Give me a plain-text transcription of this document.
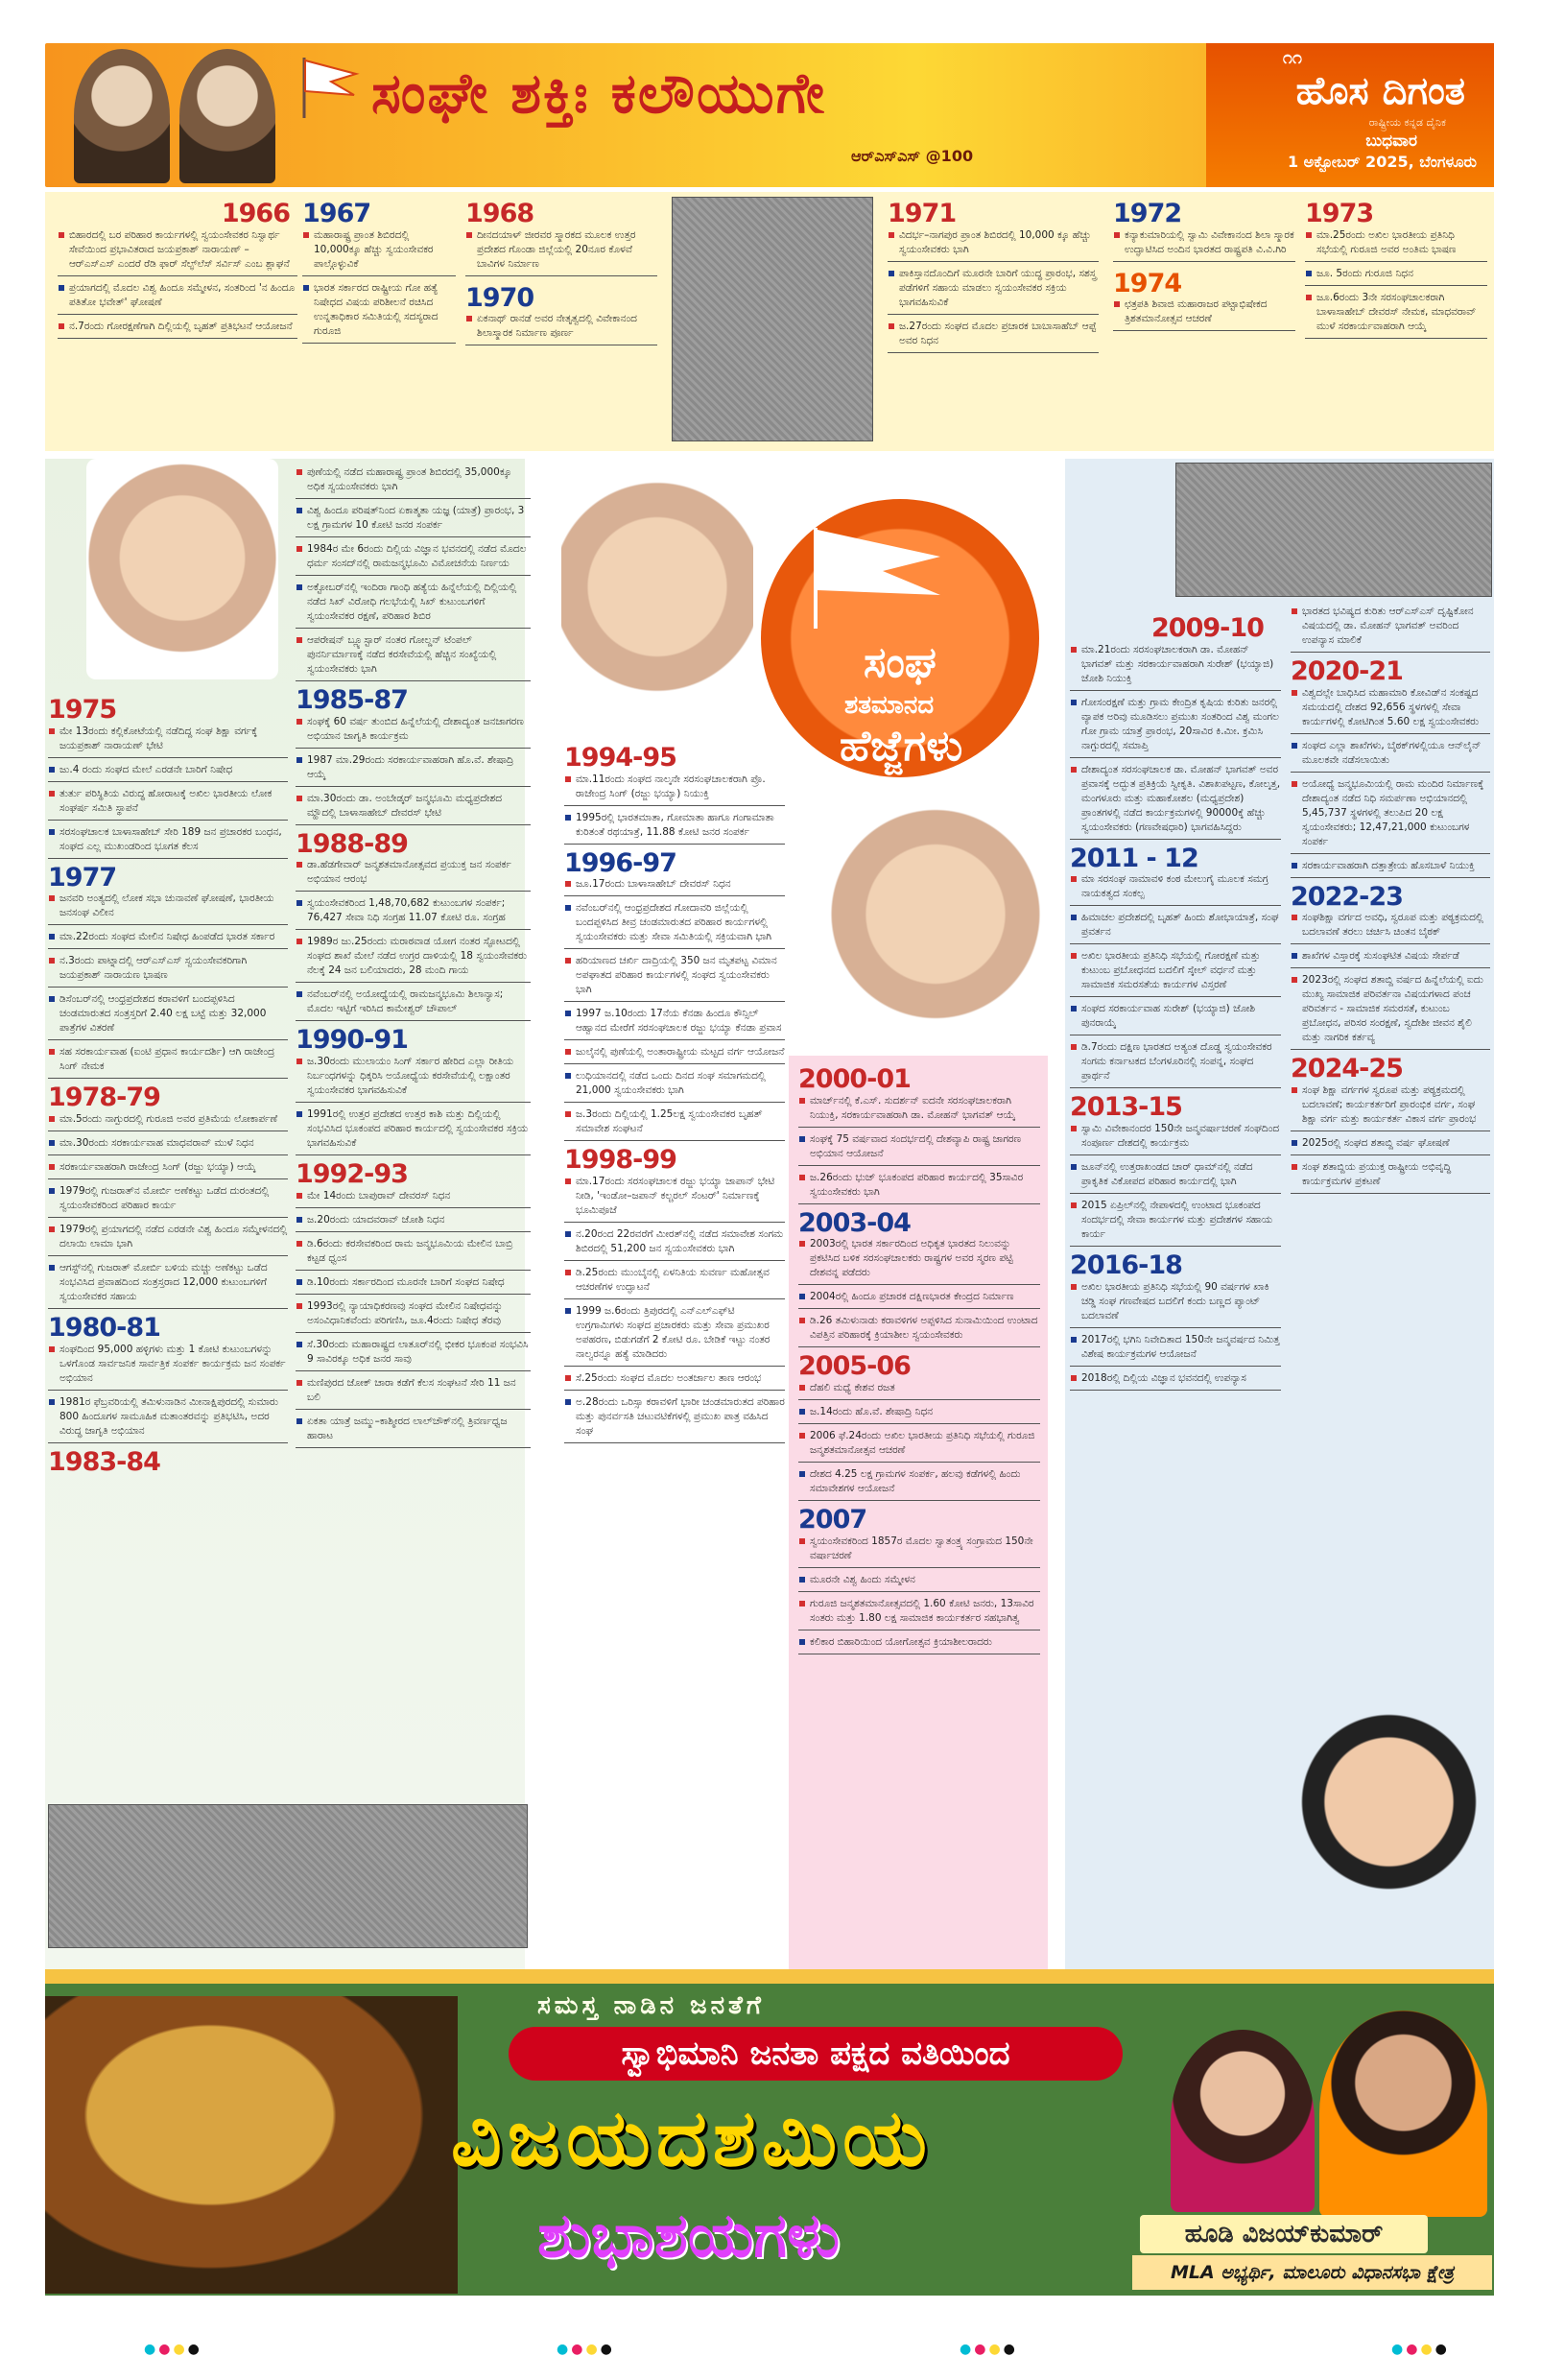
ಸಂಘೇ ಶಕ್ತಿಃ ಕಲೌಯುಗೇ
ಆರ್‌ಎಸ್‌ಎಸ್ @100
೧೧
ಹೊಸ ದಿಗಂತ
ರಾಷ್ಟ್ರೀಯ ಕನ್ನಡ ದೈನಿಕ
ಬುಧವಾರ
1 ಅಕ್ಟೋಬರ್ 2025, ಬೆಂಗಳೂರು
1966
ಬಿಹಾರದಲ್ಲಿ ಬರ ಪರಿಹಾರ ಕಾರ್ಯಗಳಲ್ಲಿ ಸ್ವಯಂಸೇವಕರ ನಿಸ್ವಾರ್ಥ ಸೇವೆಯಿಂದ ಪ್ರಭಾವಿತರಾದ ಜಯಪ್ರಕಾಶ್ ನಾರಾಯಣ್ – ಆರ್‌ಎಸ್‌ಎಸ್ ಎಂದರೆ ರೆಡಿ ಫಾರ್ ಸೆಲ್ಫ್‌ಲೆಸ್ ಸರ್ವಿಸ್ ಎಂಬ ಶ್ಲಾಘನೆ
ಪ್ರಯಾಗದಲ್ಲಿ ಮೊದಲ ವಿಶ್ವ ಹಿಂದೂ ಸಮ್ಮೇಳನ, ಸಂತರಿಂದ 'ನ ಹಿಂದೂ ಪತಿತೋ ಭವೇತ್' ಘೋಷಣೆ
ನ.7ರಂದು ಗೋರಕ್ಷಣೆಗಾಗಿ ದಿಲ್ಲಿಯಲ್ಲಿ ಬೃಹತ್ ಪ್ರತಿಭಟನೆ ಆಯೋಜನೆ
1967
ಮಹಾರಾಷ್ಟ್ರ ಪ್ರಾಂತ ಶಿಬಿರದಲ್ಲಿ 10,000ಕ್ಕೂ ಹೆಚ್ಚು ಸ್ವಯಂಸೇವಕರ ಪಾಲ್ಗೊಳ್ಳುವಿಕೆ
ಭಾರತ ಸರ್ಕಾರದ ರಾಷ್ಟ್ರೀಯ ಗೋ ಹತ್ಯೆ ನಿಷೇಧದ ವಿಷಯ ಪರಿಶೀಲನೆ ರಚಿಸಿದ ಉನ್ನತಾಧಿಕಾರ ಸಮಿತಿಯಲ್ಲಿ ಸದಸ್ಯರಾದ ಗುರೂಜಿ
1968
ದೀನದಯಾಳ್ ಜೀರವರ ಸ್ಮಾರಕದ ಮೂಲಕ ಉತ್ತರ ಪ್ರದೇಶದ ಗೊಂಡಾ ಜಿಲ್ಲೆಯಲ್ಲಿ 20ನೂರ ಕೊಳವೆ ಬಾವಿಗಳ ನಿರ್ಮಾಣ
1970
ಏಕನಾಥ್ ರಾನಡೆ ಅವರ ನೇತೃತ್ವದಲ್ಲಿ ವಿವೇಕಾನಂದ ಶಿಲಾಸ್ಮಾರಕ ನಿರ್ಮಾಣ ಪೂರ್ಣ
1971
ವಿದರ್ಭ–ನಾಗಪುರ ಪ್ರಾಂತ ಶಿಬಿರದಲ್ಲಿ 10,000 ಕ್ಕೂ ಹೆಚ್ಚು ಸ್ವಯಂಸೇವಕರು ಭಾಗಿ
ಪಾಕಿಸ್ತಾನದೊಂದಿಗೆ ಮೂರನೇ ಬಾರಿಗೆ ಯುದ್ಧ ಪ್ರಾರಂಭ, ಸಶಸ್ತ್ರ ಪಡೆಗಳಿಗೆ ಸಹಾಯ ಮಾಡಲು ಸ್ವಯಂಸೇವಕರ ಸಕ್ರಿಯ ಭಾಗವಹಿಸುವಿಕೆ
ಜ.27ರಂದು ಸಂಘದ ಮೊದಲ ಪ್ರಚಾರಕ ಬಾಬಾಸಾಹೆಬ್ ಆಪ್ಟೆ ಅವರ ನಿಧನ
1972
ಕನ್ಯಾಕುಮಾರಿಯಲ್ಲಿ ಸ್ವಾಮಿ ವಿವೇಕಾನಂದ ಶಿಲಾ ಸ್ಮಾರಕ ಉದ್ಘಾಟಿಸಿದ ಅಂದಿನ ಭಾರತದ ರಾಷ್ಟ್ರಪತಿ ವಿ.ವಿ.ಗಿರಿ
1974
ಛತ್ರಪತಿ ಶಿವಾಜಿ ಮಹಾರಾಜರ ಪಟ್ಟಾಭಿಷೇಕದ ತ್ರಿಶತಮಾನೋತ್ಸವ ಆಚರಣೆ
1973
ಮಾ.25ರಂದು ಅಖಿಲ ಭಾರತೀಯ ಪ್ರತಿನಿಧಿ ಸಭೆಯಲ್ಲಿ ಗುರೂಜಿ ಅವರ ಅಂತಿಮ ಭಾಷಣ
ಜೂ. 5ರಂದು ಗುರೂಜಿ ನಿಧನ
ಜೂ.6ರಂದು 3ನೇ ಸರಸಂಘಚಾಲಕರಾಗಿ ಬಾಳಾಸಾಹೇಬ್ ದೇವರಸ್ ನೇಮಕ, ಮಾಧವರಾವ್ ಮುಳೆ ಸರಕಾರ್ಯವಾಹರಾಗಿ ಆಯ್ಕೆ
1975
ಮೇ 13ರಂದು ಕಲ್ಲಿಕೋಟೆಯಲ್ಲಿ ನಡೆದಿದ್ದ ಸಂಘ ಶಿಕ್ಷಾ ವರ್ಗಕ್ಕೆ ಜಯಪ್ರಕಾಶ್ ನಾರಾಯಣ್ ಭೇಟಿ
ಜು.4 ರಂದು ಸಂಘದ ಮೇಲೆ ಎರಡನೇ ಬಾರಿಗೆ ನಿಷೇಧ
ತುರ್ತು ಪರಿಸ್ಥಿತಿಯ ವಿರುದ್ಧ ಹೋರಾಟಕ್ಕೆ ಅಖಿಲ ಭಾರತೀಯ ಲೋಕ ಸಂಘರ್ಷ ಸಮಿತಿ ಸ್ಥಾಪನೆ
ಸರಸಂಘಚಾಲಕ ಬಾಳಾಸಾಹೇಬ್ ಸೇರಿ 189 ಜನ ಪ್ರಚಾರಕರ ಬಂಧನ, ಸಂಘದ ಎಲ್ಲ ಮುಖಂಡರಿಂದ ಭೂಗತ ಕೆಲಸ
1977
ಜನವರಿ ಅಂತ್ಯದಲ್ಲಿ ಲೋಕ ಸಭಾ ಚುನಾವಣೆ ಘೋಷಣೆ, ಭಾರತೀಯ ಜನಸಂಘ ವಿಲೀನ
ಮಾ.22ರಂದು ಸಂಘದ ಮೇಲಿನ ನಿಷೇಧ ಹಿಂಪಡೆದ ಭಾರತ ಸರ್ಕಾರ
ನ.3ರಂದು ಪಾಟ್ನಾದಲ್ಲಿ ಆರ್‌ಎಸ್‌ಎಸ್ ಸ್ವಯಂಸೇವಕರಿಗಾಗಿ ಜಯಪ್ರಕಾಶ್ ನಾರಾಯಣ ಭಾಷಣ
ಡಿಸೆಂಬರ್‌ನಲ್ಲಿ ಆಂಧ್ರಪ್ರದೇಶದ ಕರಾವಳಿಗೆ ಬಂದಪ್ಪಳಿಸಿದ ಚಂಡಮಾರುತದ ಸಂತ್ರಸ್ತರಿಗೆ 2.40 ಲಕ್ಷ ಬಟ್ಟೆ ಮತ್ತು 32,000 ಪಾತ್ರೆಗಳ ವಿತರಣೆ
ಸಹ ಸರಕಾರ್ಯವಾಹ (ಐಂಟಿ ಪ್ರಧಾನ ಕಾರ್ಯದರ್ಶಿ) ಆಗಿ ರಾಜೇಂದ್ರ ಸಿಂಗ್ ನೇಮಕ
1978-79
ಮಾ.5ರಂದು ನಾಗ್ಪುರದಲ್ಲಿ ಗುರೂಜಿ ಅವರ ಪ್ರತಿಮೆಯ ಲೋಕಾರ್ಪಣೆ
ಮಾ.30ರಂದು ಸರಕಾರ್ಯವಾಹ ಮಾಧವರಾವ್ ಮುಳೆ ನಿಧನ
ಸರಕಾರ್ಯವಾಹರಾಗಿ ರಾಜೇಂದ್ರ ಸಿಂಗ್ (ರಜ್ಜು ಭಯ್ಯಾ) ಆಯ್ಕೆ
1979ರಲ್ಲಿ ಗುಜರಾತ್‌ನ ಮೋರ್ಬಿ ಅಣೆಕಟ್ಟು ಒಡೆದ ದುರಂತದಲ್ಲಿ ಸ್ವಯಂಸೇವಕರಿಂದ ಪರಿಹಾರ ಕಾರ್ಯ
1979ರಲ್ಲಿ ಪ್ರಯಾಗದಲ್ಲಿ ನಡೆದ ಎರಡನೇ ವಿಶ್ವ ಹಿಂದೂ ಸಮ್ಮೇಳನದಲ್ಲಿ ದಲಾಯಿ ಲಾಮಾ ಭಾಗಿ
ಆಗಸ್ಟ್‌ನಲ್ಲಿ ಗುಜರಾತ್ ಮೋರ್ಬಿ ಬಳಿಯ ಮಚ್ಚು ಅಣೆಕಟ್ಟು ಒಡೆದ ಸಂಭವಿಸಿದ ಪ್ರವಾಹದಿಂದ ಸಂತ್ರಸ್ತರಾದ 12,000 ಕುಟುಂಬಗಳಿಗೆ ಸ್ವಯಂಸೇವಕರ ಸಹಾಯ
1980-81
ಸಂಘದಿಂದ 95,000 ಹಳ್ಳಿಗಳು ಮತ್ತು 1 ಕೋಟಿ ಕುಟುಂಬಗಳನ್ನು ಒಳಗೊಂಡ ಸಾರ್ವಜನಿಕ ಸಾರ್ವತ್ರಿಕ ಸಂಪರ್ಕ ಕಾರ್ಯಕ್ರಮ ಜನ ಸಂಪರ್ಕ ಅಭಿಯಾನ
1981ರ ಫೆಬ್ರವರಿಯಲ್ಲಿ ತಮಿಳುನಾಡಿನ ಮೀನಾಕ್ಷಿಪುರದಲ್ಲಿ ಸುಮಾರು 800 ಹಿಂದೂಗಳ ಸಾಮೂಹಿಕ ಮತಾಂತರವನ್ನು ಪ್ರತಿಭಟಿಸಿ, ಅದರ ವಿರುದ್ಧ ಜಾಗೃತಿ ಅಭಿಯಾನ
1983-84
ಪುಣೆಯಲ್ಲಿ ನಡೆದ ಮಹಾರಾಷ್ಟ್ರ ಪ್ರಾಂತ ಶಿಬಿರದಲ್ಲಿ 35,000ಕ್ಕೂ ಅಧಿಕ ಸ್ವಯಂಸೇವಕರು ಭಾಗಿ
ವಿಶ್ವ ಹಿಂದೂ ಪರಿಷತ್‌ನಿಂದ ಏಕಾತ್ಮತಾ ಯಜ್ಞ (ಯಾತ್ರೆ) ಪ್ರಾರಂಭ, 3 ಲಕ್ಷ ಗ್ರಾಮಗಳ 10 ಕೋಟಿ ಜನರ ಸಂಪರ್ಕ
1984ರ ಮೇ 6ರಂದು ದಿಲ್ಲಿಯ ವಿಜ್ಞಾನ ಭವನದಲ್ಲಿ ನಡೆದ ಮೊದಲ ಧರ್ಮ ಸಂಸದ್‌ನಲ್ಲಿ ರಾಮಜನ್ಮಭೂಮಿ ವಿಮೋಚನೆಯ ನಿರ್ಣಯ
ಅಕ್ಟೋಬರ್‌ನಲ್ಲಿ ಇಂದಿರಾ ಗಾಂಧಿ ಹತ್ಯೆಯ ಹಿನ್ನೆಲೆಯಲ್ಲಿ ದಿಲ್ಲಿಯಲ್ಲಿ ನಡೆದ ಸಿಖ್ ವಿರೋಧಿ ಗಲಭೆಯಲ್ಲಿ ಸಿಖ್ ಕುಟುಂಬಗಳಿಗೆ ಸ್ವಯಂಸೇವಕರ ರಕ್ಷಣೆ, ಪರಿಹಾರ ಶಿಬಿರ
ಆಪರೇಷನ್ ಬ್ಲ್ಯೂಸ್ಟಾರ್ ನಂತರ ಗೋಲ್ಡನ್ ಟೆಂಪಲ್ ಪುನರ್ನಿರ್ಮಾಣಕ್ಕೆ ನಡೆದ ಕರಸೇವೆಯಲ್ಲಿ ಹೆಚ್ಚಿನ ಸಂಖ್ಯೆಯಲ್ಲಿ ಸ್ವಯಂಸೇವಕರು ಭಾಗಿ
1985-87
ಸಂಘಕ್ಕೆ 60 ವರ್ಷ ತುಂಬಿದ ಹಿನ್ನೆಲೆಯಲ್ಲಿ ದೇಶಾದ್ಯಂತ ಜನಜಾಗರಣ ಅಭಿಯಾನ ಜಾಗೃತಿ ಕಾರ್ಯಕ್ರಮ
1987 ಮಾ.29ರಂದು ಸರಕಾರ್ಯವಾಹರಾಗಿ ಹೊ.ವೆ. ಶೇಷಾದ್ರಿ ಆಯ್ಕೆ
ಮಾ.30ರಂದು ಡಾ. ಅಂಬೇಡ್ಕರ್ ಜನ್ಮಭೂಮಿ ಮಧ್ಯಪ್ರದೇಶದ ಮ್ಹೌದಲ್ಲಿ ಬಾಳಾಸಾಹೇಬ್ ದೇವರಸ್ ಭೇಟಿ
1988-89
ಡಾ.ಹೆಡಗೇವಾರ್ ಜನ್ಮಶತಮಾನೋತ್ಸವದ ಪ್ರಯುಕ್ತ ಜನ ಸಂಪರ್ಕ ಅಭಿಯಾನ ಆರಂಭ
ಸ್ವಯಂಸೇವಕರಿಂದ 1,48,70,682 ಕುಟುಂಬಗಳ ಸಂಪರ್ಕ; 76,427 ಸೇವಾ ನಿಧಿ ಸಂಗ್ರಹ 11.07 ಕೋಟಿ ರೂ. ಸಂಗ್ರಹ
1989ರ ಜು.25ರಂದು ಮರಾಠವಾಡ ಯೋಗ ನಂತರ ಸ್ಫೋಟದಲ್ಲಿ ಸಂಘದ ಶಾಖೆ ಮೇಲೆ ನಡೆದ ಉಗ್ರರ ದಾಳಿಯಲ್ಲಿ 18 ಸ್ವಯಂಸೇವಕರು ನೆಲಕ್ಕೆ 24 ಜನ ಬಲಿಯಾದರು, 28 ಮಂದಿ ಗಾಯ
ನವೆಂಬರ್‌ನಲ್ಲಿ ಅಯೋಧ್ಯೆಯಲ್ಲಿ ರಾಮಜನ್ಮಭೂಮಿ ಶಿಲಾನ್ಯಾಸ; ಮೊದಲ ಇಟ್ಟಿಗೆ ಇರಿಸಿದ ಕಾಮೇಶ್ವರ್ ಚೌಪಾಲ್
1990-91
ಜ.30ರಂದು ಮುಲಾಯಂ ಸಿಂಗ್ ಸರ್ಕಾರ ಹೇರಿದ ಎಲ್ಲಾ ರೀತಿಯ ನಿರ್ಬಂಧಗಳನ್ನು ಧಿಕ್ಕರಿಸಿ ಅಯೋಧ್ಯೆಯ ಕರಸೇವೆಯಲ್ಲಿ ಲಕ್ಷಾಂತರ ಸ್ವಯಂಸೇವಕರ ಭಾಗವಹಿಸುವಿಕೆ
1991ರಲ್ಲಿ ಉತ್ತರ ಪ್ರದೇಶದ ಉತ್ತರ ಕಾಶಿ ಮತ್ತು ದಿಲ್ಲಿಯಲ್ಲಿ ಸಂಭವಿಸಿದ ಭೂಕಂಪದ ಪರಿಹಾರ ಕಾರ್ಯದಲ್ಲಿ ಸ್ವಯಂಸೇವಕರ ಸಕ್ರಿಯ ಭಾಗವಹಿಸುವಿಕೆ
1992-93
ಮೇ 14ರಂದು ಬಾಪುರಾವ್ ದೇವರಸ್ ನಿಧನ
ಜ.20ರಂದು ಯಾದವರಾವ್ ಜೋಶಿ ನಿಧನ
ಡಿ.6ರಂದು ಕರಸೇವಕರಿಂದ ರಾಮ ಜನ್ಮಭೂಮಿಯ ಮೇಲಿನ ಬಾಬ್ರಿ ಕಟ್ಟಡ ಧ್ವಂಸ
ಡಿ.10ರಂದು ಸರ್ಕಾರದಿಂದ ಮೂರನೇ ಬಾರಿಗೆ ಸಂಘದ ನಿಷೇಧ
1993ರಲ್ಲಿ ನ್ಯಾಯಾಧಿಕರಣವು ಸಂಘದ ಮೇಲಿನ ನಿಷೇಧವನ್ನು ಅಸಂವಿಧಾನಿಕವೆಂದು ಪರಿಗಣಿಸಿ, ಜೂ.4ರಂದು ನಿಷೇಧ ತೆರವು
ಸೆ.30ರಂದು ಮಹಾರಾಷ್ಟ್ರದ ಲಾತೂರ್‌ನಲ್ಲಿ ಭೀಕರ ಭೂಕಂಪ ಸಂಭವಿಸಿ 9 ಸಾವಿರಕ್ಕೂ ಅಧಿಕ ಜನರ ಸಾವು
ಮಣಿಪುರದ ಜೋಕ್ ಚಾರಾ ಕಡೆಗೆ ಕೆಲಸ ಸಂಘಟನೆ ಸೇರಿ 11 ಜನ ಬಲಿ
ಏಕತಾ ಯಾತ್ರೆ ಜಮ್ಮು–ಕಾಶ್ಮೀರದ ಲಾಲ್‌ಚೌಕ್‌ನಲ್ಲಿ ತ್ರಿವರ್ಣಧ್ವಜ ಹಾರಾಟ
ಸಂಘ
ಶತಮಾನದ
ಹೆಜ್ಜೆಗಳು
1994-95
ಮಾ.11ರಂದು ಸಂಘದ ನಾಲ್ಕನೇ ಸರಸಂಘಚಾಲಕರಾಗಿ ಪ್ರೊ. ರಾಜೇಂದ್ರ ಸಿಂಗ್ (ರಜ್ಜು ಭಯ್ಯಾ) ನಿಯುಕ್ತಿ
1995ರಲ್ಲಿ ಭಾರತಮಾತಾ, ಗೋಮಾತಾ ಹಾಗೂ ಗಂಗಾಮಾತಾ ಕುರಿತಂತೆ ರಥಯಾತ್ರೆ, 11.88 ಕೋಟಿ ಜನರ ಸಂಪರ್ಕ
1996-97
ಜೂ.17ರಂದು ಬಾಳಾಸಾಹೇಬ್ ದೇವರಸ್ ನಿಧನ
ನವೆಂಬರ್‌ನಲ್ಲಿ ಆಂಧ್ರಪ್ರದೇಶದ ಗೋದಾವರಿ ಜಿಲ್ಲೆಯಲ್ಲಿ ಬಂದಪ್ಪಳಿಸಿದ ತೀವ್ರ ಚಂಡಮಾರುತದ ಪರಿಹಾರ ಕಾರ್ಯಗಳಲ್ಲಿ ಸ್ವಯಂಸೇವಕರು ಮತ್ತು ಸೇವಾ ಸಮಿತಿಯಲ್ಲಿ ಸಕ್ರಿಯವಾಗಿ ಭಾಗಿ
ಹರಿಯಾಣದ ಚರ್ಖಿ ದಾದ್ರಿಯಲ್ಲಿ 350 ಜನ ಮೃತಪಟ್ಟ ವಿಮಾನ ಅಪಘಾತದ ಪರಿಹಾರ ಕಾರ್ಯಗಳಲ್ಲಿ ಸಂಘದ ಸ್ವಯಂಸೇವಕರು ಭಾಗಿ
1997 ಜ.10ರಂದು 17ನೆಯ ಕೆನಡಾ ಹಿಂದೂ ಕೌನ್ಸಿಲ್ ಆಹ್ವಾನದ ಮೇರೆಗೆ ಸರಸಂಘಚಾಲಕ ರಜ್ಜು ಭಯ್ಯಾ ಕೆನಡಾ ಪ್ರವಾಸ
ಜುಲೈನಲ್ಲಿ ಪುಣೆಯಲ್ಲಿ ಅಂತಾರಾಷ್ಟ್ರೀಯ ಮಟ್ಟದ ವರ್ಗ ಆಯೋಜನೆ
ಲುಧಿಯಾನದಲ್ಲಿ ನಡೆದ ಒಂದು ದಿನದ ಸಂಘ ಸಮಾಗಮದಲ್ಲಿ 21,000 ಸ್ವಯಂಸೇವಕರು ಭಾಗಿ
ಜ.3ರಂದು ದಿಲ್ಲಿಯಲ್ಲಿ 1.25ಲಕ್ಷ ಸ್ವಯಂಸೇವಕರ ಬೃಹತ್ ಸಮಾವೇಶ ಸಂಘಟನೆ
1998-99
ಮಾ.17ರಂದು ಸರಸಂಘಚಾಲಕ ರಜ್ಜು ಭಯ್ಯಾ ಜಾಪಾನ್ ಭೇಟಿ ನೀಡಿ, 'ಇಂಡೋ–ಜಪಾನ್ ಕಲ್ಚರಲ್ ಸೆಂಟರ್' ನಿರ್ಮಾಣಕ್ಕೆ ಭೂಮಿಪೂಜೆ
ನ.20ರಂದ 22ರವರೆಗೆ ಮೀರತ್‌ನಲ್ಲಿ ನಡೆದ ಸಮಾವೇಶ ಸಂಗಮ ಶಿಬಿರದಲ್ಲಿ 51,200 ಜನ ಸ್ವಯಂಸೇವಕರು ಭಾಗಿ
ಡಿ.25ರಂದು ಮುಂಬೈನಲ್ಲಿ ಏಳನಿತಿಯ ಸುವರ್ಣ ಮಹೋತ್ಸವ ಆಚರಣೆಗಳ ಉದ್ಘಾಟನೆ
1999 ಜ.6ರಂದು ತ್ರಿಪುರದಲ್ಲಿ ಎನ್‌ಎಲ್‌ಎಫ್‌ಟಿ ಉಗ್ರಗಾಮಿಗಳು ಸಂಘದ ಪ್ರಚಾರಕರು ಮತ್ತು ಸೇವಾ ಪ್ರಮುಖರ ಅಪಹರಣ, ಬಿಡುಗಡೆಗೆ 2 ಕೋಟಿ ರೂ. ಬೇಡಿಕೆ ಇಟ್ಟು ನಂತರ ನಾಲ್ವರನ್ನೂ ಹತ್ಯೆ ಮಾಡಿದರು
ಸೆ.25ರಂದು ಸಂಘದ ಮೊದಲ ಅಂತರ್ಜಾಲ ತಾಣ ಆರಂಭ
ಅ.28ರಂದು ಒರಿಸ್ಸಾ ಕರಾವಳಿಗೆ ಭಾರೀ ಚಂಡಮಾರುತದ ಪರಿಹಾರ ಮತ್ತು ಪುನರ್ವಸತಿ ಚಟುವಟಿಕೆಗಳಲ್ಲಿ ಪ್ರಮುಖ ಪಾತ್ರ ವಹಿಸಿದ ಸಂಘ
2000-01
ಮಾರ್ಚ್‌ನಲ್ಲಿ ಕೆ.ಎಸ್. ಸುದರ್ಶನ್ ಐದನೇ ಸರಸಂಘಚಾಲಕರಾಗಿ ನಿಯುಕ್ತಿ, ಸರಕಾರ್ಯವಾಹರಾಗಿ ಡಾ. ಮೋಹನ್ ಭಾಗವತ್ ಆಯ್ಕೆ
ಸಂಘಕ್ಕೆ 75 ವರ್ಷವಾದ ಸಂದರ್ಭದಲ್ಲಿ ದೇಶವ್ಯಾಪಿ ರಾಷ್ಟ್ರ ಜಾಗರಣ ಅಭಿಯಾನ ಆಯೋಜನೆ
ಜ.26ರಂದು ಭುಜ್ ಭೂಕಂಪದ ಪರಿಹಾರ ಕಾರ್ಯದಲ್ಲಿ 35ಸಾವಿರ ಸ್ವಯಂಸೇವಕರು ಭಾಗಿ
2003-04
2003ರಲ್ಲಿ ಭಾರತ ಸರ್ಕಾರದಿಂದ ಅಧಿಕೃತ ಭಾರತದ ನಿಲುವನ್ನು ಪ್ರಕಟಿಸಿದ ಬಳಿಕ ಸರಸಂಘಚಾಲಕರು ರಾಷ್ಟ್ರಗಳ ಅವರ ಸ್ಮರಣ ಪಟ್ಟಿ ದೇಶವನ್ನ ಪಡೆದರು
2004ರಲ್ಲಿ ಹಿಂದೂ ಪ್ರಚಾರಕ ದಕ್ಷಿಣಭಾರತ ಕೇಂದ್ರದ ನಿರ್ಮಾಣ
ಡಿ.26 ತಮಿಳುನಾಡು ಕರಾವಳಿಗಳ ಅಪ್ಪಳಿಸಿದ ಸುನಾಮಿಯಿಂದ ಉಂಟಾದ ವಿಪತ್ತಿನ ಪರಿಹಾರಕ್ಕೆ ಕ್ರಿಯಾಶೀಲ ಸ್ವಯಂಸೇವಕರು
2005-06
ದೆಹಲಿ ಮಧ್ಯೆ ಕೇಶವ ರಜತ
ಜ.14ರಂದು ಹೊ.ವೆ. ಶೇಷಾದ್ರಿ ನಿಧನ
2006 ಫೆ.24ರಂದು ಅಖಿಲ ಭಾರತೀಯ ಪ್ರತಿನಿಧಿ ಸಭೆಯಲ್ಲಿ ಗುರೂಜಿ ಜನ್ಮಶತಮಾನೋತ್ಸವ ಆಚರಣೆ
ದೇಶದ 4.25 ಲಕ್ಷ ಗ್ರಾಮಗಳ ಸಂಪರ್ಕ, ಹಲವು ಕಡೆಗಳಲ್ಲಿ ಹಿಂದು ಸಮಾವೇಶಗಳ ಆಯೋಜನೆ
2007
ಸ್ವಯಂಸೇವಕರಿಂದ 1857ರ ಮೊದಲ ಸ್ವಾತಂತ್ರ್ಯ ಸಂಗ್ರಾಮದ 150ನೇ ವರ್ಷಾಚರಣೆ
ಮೂರನೇ ವಿಶ್ವ ಹಿಂದು ಸಮ್ಮೇಳನ
ಗುರೂಜಿ ಜನ್ಮಶತಮಾನೋತ್ಸವದಲ್ಲಿ 1.60 ಕೋಟಿ ಜನರು, 13ಸಾವಿರ ಸಂತರು ಮತ್ತು 1.80 ಲಕ್ಷ ಸಾಮಾಜಿಕ ಕಾರ್ಯಕರ್ತರ ಸಹಭಾಗಿತ್ವ
ಕಲಿಕಾರ ಬಿಹಾರಿಯಿಂದ ಯೋಗೋತ್ಸವ ಕ್ರಿಯಾಶೀಲರಾದರು
2009-10
ಮಾ.21ರಂದು ಸರಸಂಘಚಾಲಕರಾಗಿ ಡಾ. ಮೋಹನ್ ಭಾಗವತ್ ಮತ್ತು ಸರಕಾರ್ಯವಾಹರಾಗಿ ಸುರೇಶ್ (ಭಯ್ಯಾಜಿ) ಜೋಶಿ ನಿಯುಕ್ತಿ
ಗೋಸಂರಕ್ಷಣೆ ಮತ್ತು ಗ್ರಾಮ ಕೇಂದ್ರಿತ ಕೃಷಿಯ ಕುರಿತು ಜನರಲ್ಲಿ ವ್ಯಾಪಕ ಅರಿವು ಮೂಡಿಸಲು ಪ್ರಮುಖ ಸಂತರಿಂದ ವಿಶ್ವ ಮಂಗಲ ಗೋ ಗ್ರಾಮ ಯಾತ್ರೆ ಪ್ರಾರಂಭ, 20ಸಾವಿರ ಕಿ.ಮೀ. ಕ್ರಮಿಸಿ ನಾಗ್ಪುರದಲ್ಲಿ ಸಮಾಪ್ತಿ
ದೇಶಾದ್ಯಂತ ಸರಸಂಘಚಾಲಕ ಡಾ. ಮೋಹನ್ ಭಾಗವತ್ ಅವರ ಪ್ರವಾಸಕ್ಕೆ ಅದ್ಭುತ ಪ್ರತಿಕ್ರಿಯೆ ಸ್ವೀಕೃತಿ. ವಿಶಾಖಪಟ್ಟಣ, ಕೋಲ್ಕತ್ತ, ಮಂಗಳೂರು ಮತ್ತು ಮಹಾಕೋಶಲ (ಮಧ್ಯಪ್ರದೇಶ) ಪ್ರಾಂತಗಳಲ್ಲಿ ನಡೆದ ಕಾರ್ಯಕ್ರಮಗಳಲ್ಲಿ 90000ಕ್ಕೆ ಹೆಚ್ಚು ಸ್ವಯಂಸೇವಕರು (ಗಣವೇಷಧಾರಿ) ಭಾಗವಹಿಸಿದ್ದರು
2011 - 12
ಮಾ ಸರಸಂಘ ನಾಮಾವಳಿ ಕಂಠ ಮೇಲುಗೈ ಮೂಲಕ ಸಮಗ್ರ ನಾಯಕತ್ವದ ಸಂಕಲ್ಪ
ಹಿಮಾಚಲ ಪ್ರದೇಶದಲ್ಲಿ ಬೃಹತ್ ಹಿಂದು ಶೋಭಾಯಾತ್ರೆ, ಸಂಘ ಪ್ರವರ್ತನ
ಅಖಿಲ ಭಾರತೀಯ ಪ್ರತಿನಿಧಿ ಸಭೆಯಲ್ಲಿ ಗೋರಕ್ಷಣೆ ಮತ್ತು ಕುಟುಂಬ ಪ್ರಬೋಧನದ ಬದಲಿಗೆ ಸ್ಕೇಲ್ ವರ್ಧನೆ ಮತ್ತು ಸಾಮಾಜಿಕ ಸಮರಸತೆಯ ಕಾರ್ಯಗಳ ವಿಸ್ತರಣೆ
ಸಂಘದ ಸರಕಾರ್ಯವಾಹ ಸುರೇಶ್ (ಭಯ್ಯಾಜಿ) ಜೋಶಿ ಪುನರಾಯ್ಕೆ
ಡಿ.7ರಂದು ದಕ್ಷಿಣ ಭಾರತದ ಅತ್ಯಂತ ದೊಡ್ಡ ಸ್ವಯಂಸೇವಕರ ಸಂಗಮ ಕರ್ನಾಟಕದ ಬೆಂಗಳೂರಿನಲ್ಲಿ ಸಂಪನ್ನ, ಸಂಘದ ಪ್ರಾರ್ಥನೆ
2013-15
ಸ್ವಾಮಿ ವಿವೇಕಾನಂದರ 150ನೇ ಜನ್ಮವರ್ಷಾಚರಣೆ ಸಂಘದಿಂದ ಸಂಪೂರ್ಣ ದೇಶದಲ್ಲಿ ಕಾರ್ಯಕ್ರಮ
ಜೂನ್‌ನಲ್ಲಿ ಉತ್ತರಾಖಂಡದ ಚಾರ್ ಧಾಮ್‌ನಲ್ಲಿ ನಡೆದ ಪ್ರಾಕೃತಿಕ ವಿಕೋಪದ ಪರಿಹಾರ ಕಾರ್ಯದಲ್ಲಿ ಭಾಗಿ
2015 ಏಪ್ರಿಲ್‌ನಲ್ಲಿ ನೇಪಾಳದಲ್ಲಿ ಉಂಟಾದ ಭೂಕಂಪದ ಸಂದರ್ಭದಲ್ಲಿ ಸೇವಾ ಕಾರ್ಯಗಳ ಮತ್ತು ಪ್ರದೇಶಗಳ ಸಹಾಯ ಕಾರ್ಯ
2016-18
ಅಖಿಲ ಭಾರತೀಯ ಪ್ರತಿನಿಧಿ ಸಭೆಯಲ್ಲಿ 90 ವರ್ಷಗಳ ಖಾಕಿ ಚಡ್ಡಿ ಸಂಘ ಗಣವೇಷದ ಬದಲಿಗೆ ಕಂದು ಬಣ್ಣದ ಪ್ಯಾಂಟ್ ಬದಲಾವಣೆ
2017ರಲ್ಲಿ ಭಗಿನಿ ನಿವೇದಿತಾದ 150ನೇ ಜನ್ಮವರ್ಷದ ನಿಮಿತ್ತ ವಿಶೇಷ ಕಾರ್ಯಕ್ರಮಗಳ ಆಯೋಜನೆ
2018ರಲ್ಲಿ ದಿಲ್ಲಿಯ ವಿಜ್ಞಾನ ಭವನದಲ್ಲಿ ಉಪನ್ಯಾಸ
ಭಾರತದ ಭವಿಷ್ಯದ ಕುರಿತು ಆರ್‌ಎಸ್‌ಎಸ್ ದೃಷ್ಟಿಕೋನ ವಿಷಯದಲ್ಲಿ ಡಾ. ಮೋಹನ್ ಭಾಗವತ್ ಅವರಿಂದ ಉಪನ್ಯಾಸ ಮಾಲಿಕೆ
2020-21
ವಿಶ್ವದಲ್ಲೇ ಬಾಧಿಸಿದ ಮಹಾಮಾರಿ ಕೋವಿಡ್‌ನ ಸಂಕಷ್ಟದ ಸಮಯದಲ್ಲಿ ದೇಶದ 92,656 ಸ್ಥಳಗಳಲ್ಲಿ ಸೇವಾ ಕಾರ್ಯಗಳಲ್ಲಿ ಕೋಟಿಗಿಂತ 5.60 ಲಕ್ಷ ಸ್ವಯಂಸೇವಕರು
ಸಂಘದ ಎಲ್ಲಾ ಶಾಖೆಗಳು, ಬೈಠಕ್‌ಗಳಲ್ಲಿಯೂ ಆನ್‌ಲೈನ್ ಮೂಲಕವೇ ನಡೆಸಲಾಯಿತು
ಅಯೋಧ್ಯೆ ಜನ್ಮಭೂಮಿಯಲ್ಲಿ ರಾಮ ಮಂದಿರ ನಿರ್ಮಾಣಕ್ಕೆ ದೇಶಾದ್ಯಂತ ನಡೆದ ನಿಧಿ ಸಮರ್ಪಣಾ ಅಭಿಯಾನದಲ್ಲಿ 5,45,737 ಸ್ಥಳಗಳಲ್ಲಿ ತಲುಪಿದ 20 ಲಕ್ಷ ಸ್ವಯಂಸೇವಕರು; 12,47,21,000 ಕುಟುಂಬಗಳ ಸಂಪರ್ಕ
ಸರಕಾರ್ಯವಾಹರಾಗಿ ದತ್ತಾತ್ರೇಯ ಹೊಸಬಾಳೆ ನಿಯುಕ್ತಿ
2022-23
ಸಂಘಶಿಕ್ಷಾ ವರ್ಗದ ಅವಧಿ, ಸ್ವರೂಪ ಮತ್ತು ಪಠ್ಯಕ್ರಮದಲ್ಲಿ ಬದಲಾವಣೆ ತರಲು ಚರ್ಚಿಸಿ ಚಿಂತನ ಬೈಠಕ್
ಶಾಖೆಗಳ ವಿಸ್ತಾರಕ್ಕೆ ಸುಸಂಘಟಿತ ವಿಷಯ ಸೇರ್ಪಡೆ
2023ರಲ್ಲಿ ಸಂಘದ ಶತಾಬ್ದಿ ವರ್ಷದ ಹಿನ್ನೆಲೆಯಲ್ಲಿ ಐದು ಮುಖ್ಯ ಸಾಮಾಜಿಕ ಪರಿವರ್ತನಾ ವಿಷಯಗಳಾದ ಪಂಚ ಪರಿವರ್ತನ - ಸಾಮಾಜಿಕ ಸಮರಸತೆ, ಕುಟುಂಬ ಪ್ರಬೋಧನ, ಪರಿಸರ ಸಂರಕ್ಷಣೆ, ಸ್ವದೇಶೀ ಜೀವನ ಶೈಲಿ ಮತ್ತು ನಾಗರಿಕ ಕರ್ತವ್ಯ
2024-25
ಸಂಘ ಶಿಕ್ಷಾ ವರ್ಗಗಳ ಸ್ವರೂಪ ಮತ್ತು ಪಠ್ಯಕ್ರಮದಲ್ಲಿ ಬದಲಾವಣೆ; ಕಾರ್ಯಕರ್ತರಿಗೆ ಪ್ರಾರಂಭಿಕ ವರ್ಗ, ಸಂಘ ಶಿಕ್ಷಾ ವರ್ಗ ಮತ್ತು ಕಾರ್ಯಕರ್ತ ವಿಕಾಸ ವರ್ಗ ಪ್ರಾರಂಭ
2025ರಲ್ಲಿ ಸಂಘದ ಶತಾಬ್ದಿ ವರ್ಷ ಘೋಷಣೆ
ಸಂಘ ಶತಾಬ್ದಿಯ ಪ್ರಯುಕ್ತ ರಾಷ್ಟ್ರೀಯ ಅಭಿವೃದ್ಧಿ ಕಾರ್ಯಕ್ರಮಗಳ ಪ್ರಕಟಣೆ
ಸಮಸ್ತ ನಾಡಿನ ಜನತೆಗೆ
ಸ್ವಾಭಿಮಾನಿ ಜನತಾ ಪಕ್ಷದ ವತಿಯಿಂದ
ವಿಜಯದಶಮಿಯ
ಶುಭಾಶಯಗಳು	ಹೂಡಿ ವಿಜಯ್‌ಕುಮಾರ್
MLA ಅಭ್ಯರ್ಥಿ, ಮಾಲೂರು ವಿಧಾನಸಭಾ ಕ್ಷೇತ್ರ
●●●●	●●●●	●●●●	●●●●
